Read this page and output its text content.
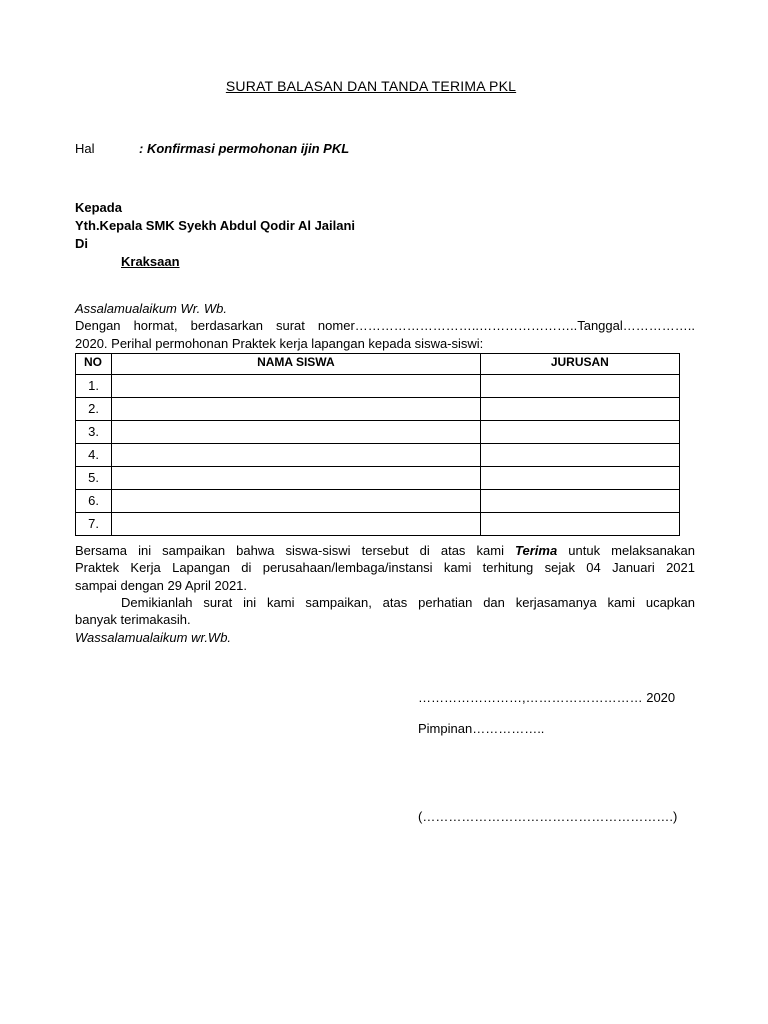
SURAT BALASAN DAN TANDA TERIMA PKL
Hal	: Konfirmasi permohonan ijin PKL
Kepada
Yth.Kepala SMK Syekh Abdul Qodir Al Jailani
Di
Kraksaan
Assalamualaikum Wr. Wb.
Dengan hormat, berdasarkan surat nomer………………………..…………………..Tanggal……………..
2020. Perihal permohonan Praktek kerja lapangan kepada siswa-siswi:
NO	NAMA SISWA	JURUSAN
1.		
2.		
3.		
4.		
5.		
6.		
7.		
Bersama ini sampaikan bahwa siswa-siswi tersebut di atas kami Terima untuk melaksanakan
Praktek Kerja Lapangan di perusahaan/lembaga/instansi kami terhitung sejak 04 Januari 2021
sampai dengan 29 April 2021.
Demikianlah surat ini kami sampaikan, atas perhatian dan kerjasamanya kami ucapkan
banyak terimakasih.
Wassalamualaikum wr.Wb.
……………………,……………………… 2020
Pimpinan……………..
(………………………………………………….)
